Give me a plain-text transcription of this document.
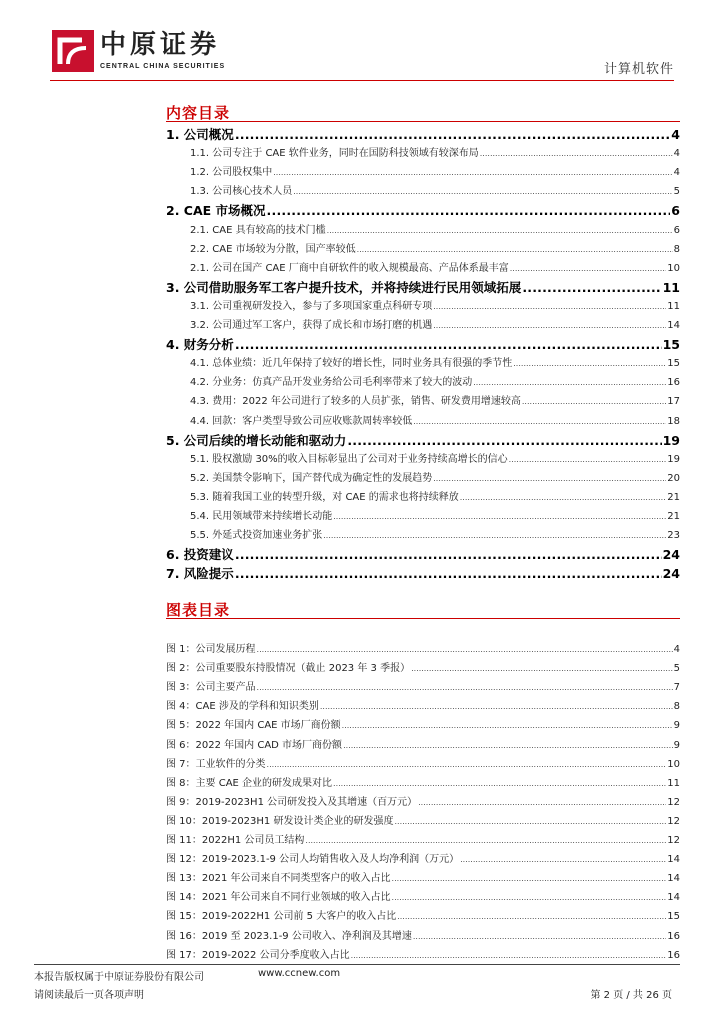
中原证券
CENTRAL CHINA SECURITIES	计算机软件
内容目录
1. 公司概况 .....	4
1.1. 公司专注于 CAE 软件业务，同时在国防科技领域有较深布局 .....	4
1.2. 公司股权集中 .....	4
1.3. 公司核心技术人员 .....	5
2. CAE 市场概况 .....	6
2.1. CAE 具有较高的技术门槛 .....	6
2.2. CAE 市场较为分散，国产率较低 .....	8
2.1. 公司在国产 CAE 厂商中自研软件的收入规模最高、产品体系最丰富 .....	10
3. 公司借助服务军工客户提升技术，并将持续进行民用领域拓展 .....	11
3.1. 公司重视研发投入，参与了多项国家重点科研专项 .....	11
3.2. 公司通过军工客户，获得了成长和市场打磨的机遇 .....	14
4. 财务分析 .....	15
4.1. 总体业绩：近几年保持了较好的增长性，同时业务具有很强的季节性 .....	15
4.2. 分业务：仿真产品开发业务给公司毛利率带来了较大的波动 .....	16
4.3. 费用：2022 年公司进行了较多的人员扩张，销售、研发费用增速较高 .....	17
4.4. 回款：客户类型导致公司应收账款周转率较低 .....	18
5. 公司后续的增长动能和驱动力 .....	19
5.1. 股权激励 30%的收入目标彰显出了公司对于业务持续高增长的信心 .....	19
5.2. 美国禁令影响下，国产替代成为确定性的发展趋势 .....	20
5.3. 随着我国工业的转型升级，对 CAE 的需求也将持续释放 .....	21
5.4. 民用领域带来持续增长动能 .....	21
5.5. 外延式投资加速业务扩张 .....	23
6. 投资建议 .....	24
7. 风险提示 .....	24
图表目录
图 1：公司发展历程 .....	4
图 2：公司重要股东持股情况（截止 2023 年 3 季报） .....	5
图 3：公司主要产品 .....	7
图 4：CAE 涉及的学科和知识类别 .....	8
图 5：2022 年国内 CAE 市场厂商份额 .....	9
图 6：2022 年国内 CAD 市场厂商份额 .....	9
图 7：工业软件的分类 .....	10
图 8：主要 CAE 企业的研发成果对比 .....	11
图 9：2019-2023H1 公司研发投入及其增速（百万元） .....	12
图 10：2019-2023H1 研发设计类企业的研发强度 .....	12
图 11：2022H1 公司员工结构 .....	12
图 12：2019-2023.1-9 公司人均销售收入及人均净利润（万元） .....	14
图 13：2021 年公司来自不同类型客户的收入占比 .....	14
图 14：2021 年公司来自不同行业领域的收入占比 .....	14
图 15：2019-2022H1 公司前 5 大客户的收入占比 .....	15
图 16：2019 至 2023.1-9 公司收入、净利润及其增速 .....	16
图 17：2019-2022 公司分季度收入占比 .....	16
本报告版权属于中原证券股份有限公司	www.ccnew.com
请阅读最后一页各项声明	第 2 页 / 共 26 页
